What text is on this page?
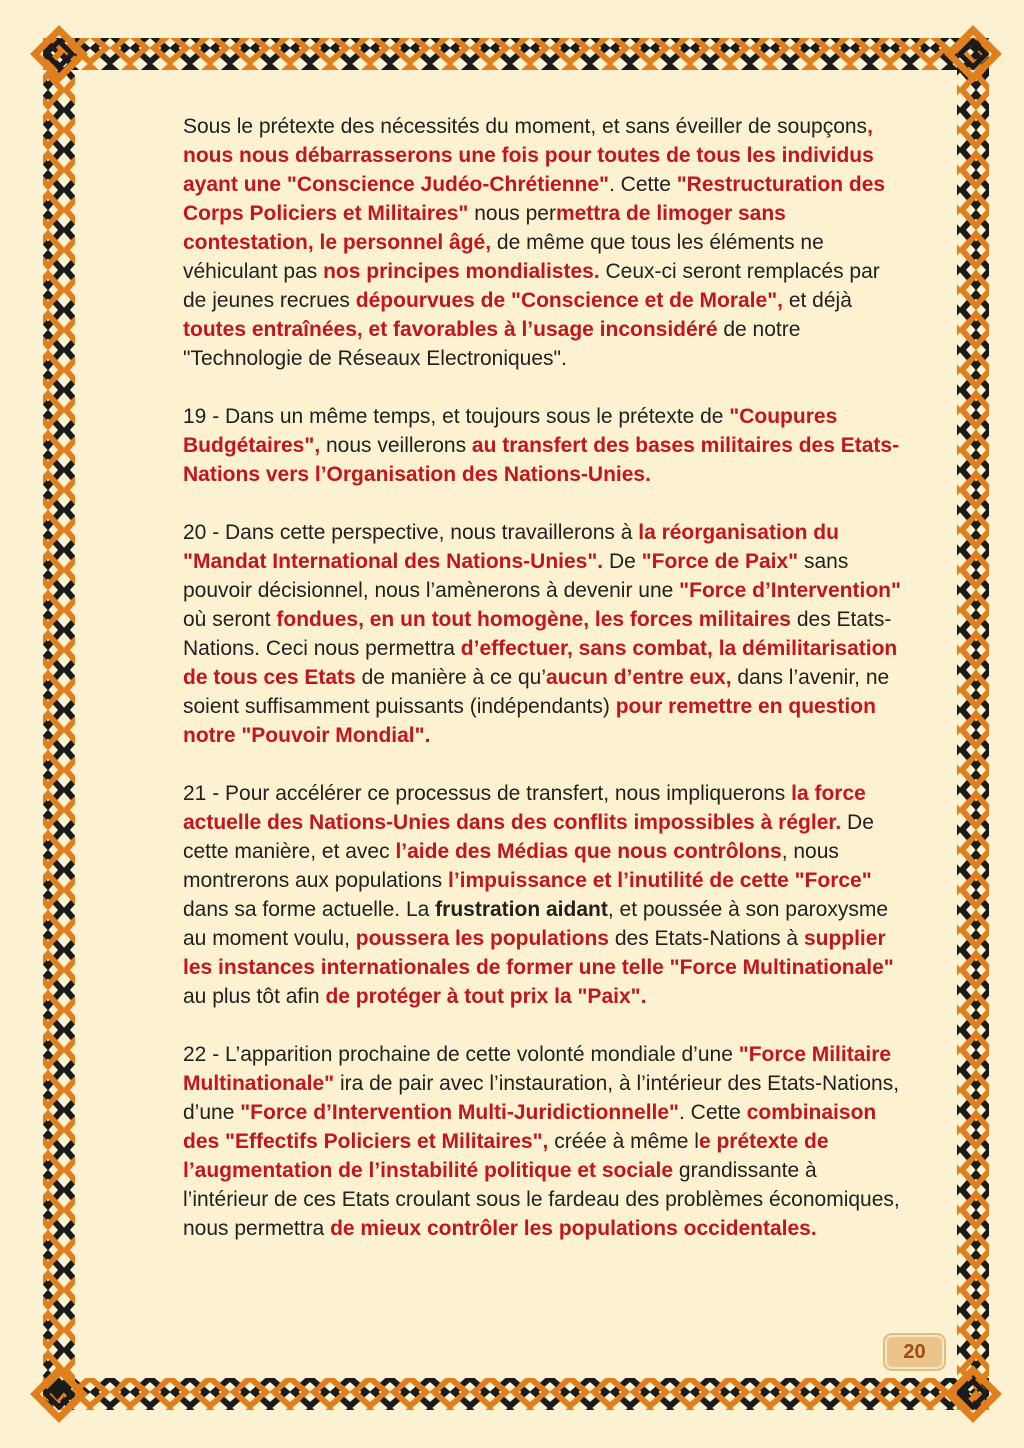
Sous le prétexte des nécessités du moment, et sans éveiller de soupçons, nous nous débarrasserons une fois pour toutes de tous les individus ayant une "Conscience Judéo-Chrétienne". Cette "Restructuration des Corps Policiers et Militaires" nous permettra de limoger sans contestation, le personnel âgé, de même que tous les éléments ne véhiculant pas nos principes mondialistes. Ceux-ci seront remplacés par de jeunes recrues dépourvues de "Conscience et de Morale", et déjà toutes entraînées, et favorables à l’usage inconsidéré de notre "Technologie de Réseaux Electroniques".

19 - Dans un même temps, et toujours sous le prétexte de "Coupures Budgétaires", nous veillerons au transfert des bases militaires des Etats-Nations vers l’Organisation des Nations-Unies.

20 - Dans cette perspective, nous travaillerons à la réorganisation du "Mandat International des Nations-Unies". De "Force de Paix" sans pouvoir décisionnel, nous l’amènerons à devenir une "Force d’Intervention" où seront fondues, en un tout homogène, les forces militaires des Etats-Nations. Ceci nous permettra d’effectuer, sans combat, la démilitarisation de tous ces Etats de manière à ce qu’aucun d’entre eux, dans l’avenir, ne soient suffisamment puissants (indépendants) pour remettre en question notre "Pouvoir Mondial".

21 - Pour accélérer ce processus de transfert, nous impliquerons la force actuelle des Nations-Unies dans des conflits impossibles à régler. De cette manière, et avec l’aide des Médias que nous contrôlons, nous montrerons aux populations l’impuissance et l’inutilité de cette "Force" dans sa forme actuelle. La frustration aidant, et poussée à son paroxysme au moment voulu, poussera les populations des Etats-Nations à supplier les instances internationales de former une telle "Force Multinationale" au plus tôt afin de protéger à tout prix la "Paix".

22 - L’apparition prochaine de cette volonté mondiale d’une "Force Militaire Multinationale" ira de pair avec l’instauration, à l’intérieur des Etats-Nations, d’une "Force d’Intervention Multi-Juridictionnelle". Cette combinaison des "Effectifs Policiers et Militaires", créée à même le prétexte de l’augmentation de l’instabilité politique et sociale grandissante à l’intérieur de ces Etats croulant sous le fardeau des problèmes économiques, nous permettra de mieux contrôler les populations occidentales.

20
